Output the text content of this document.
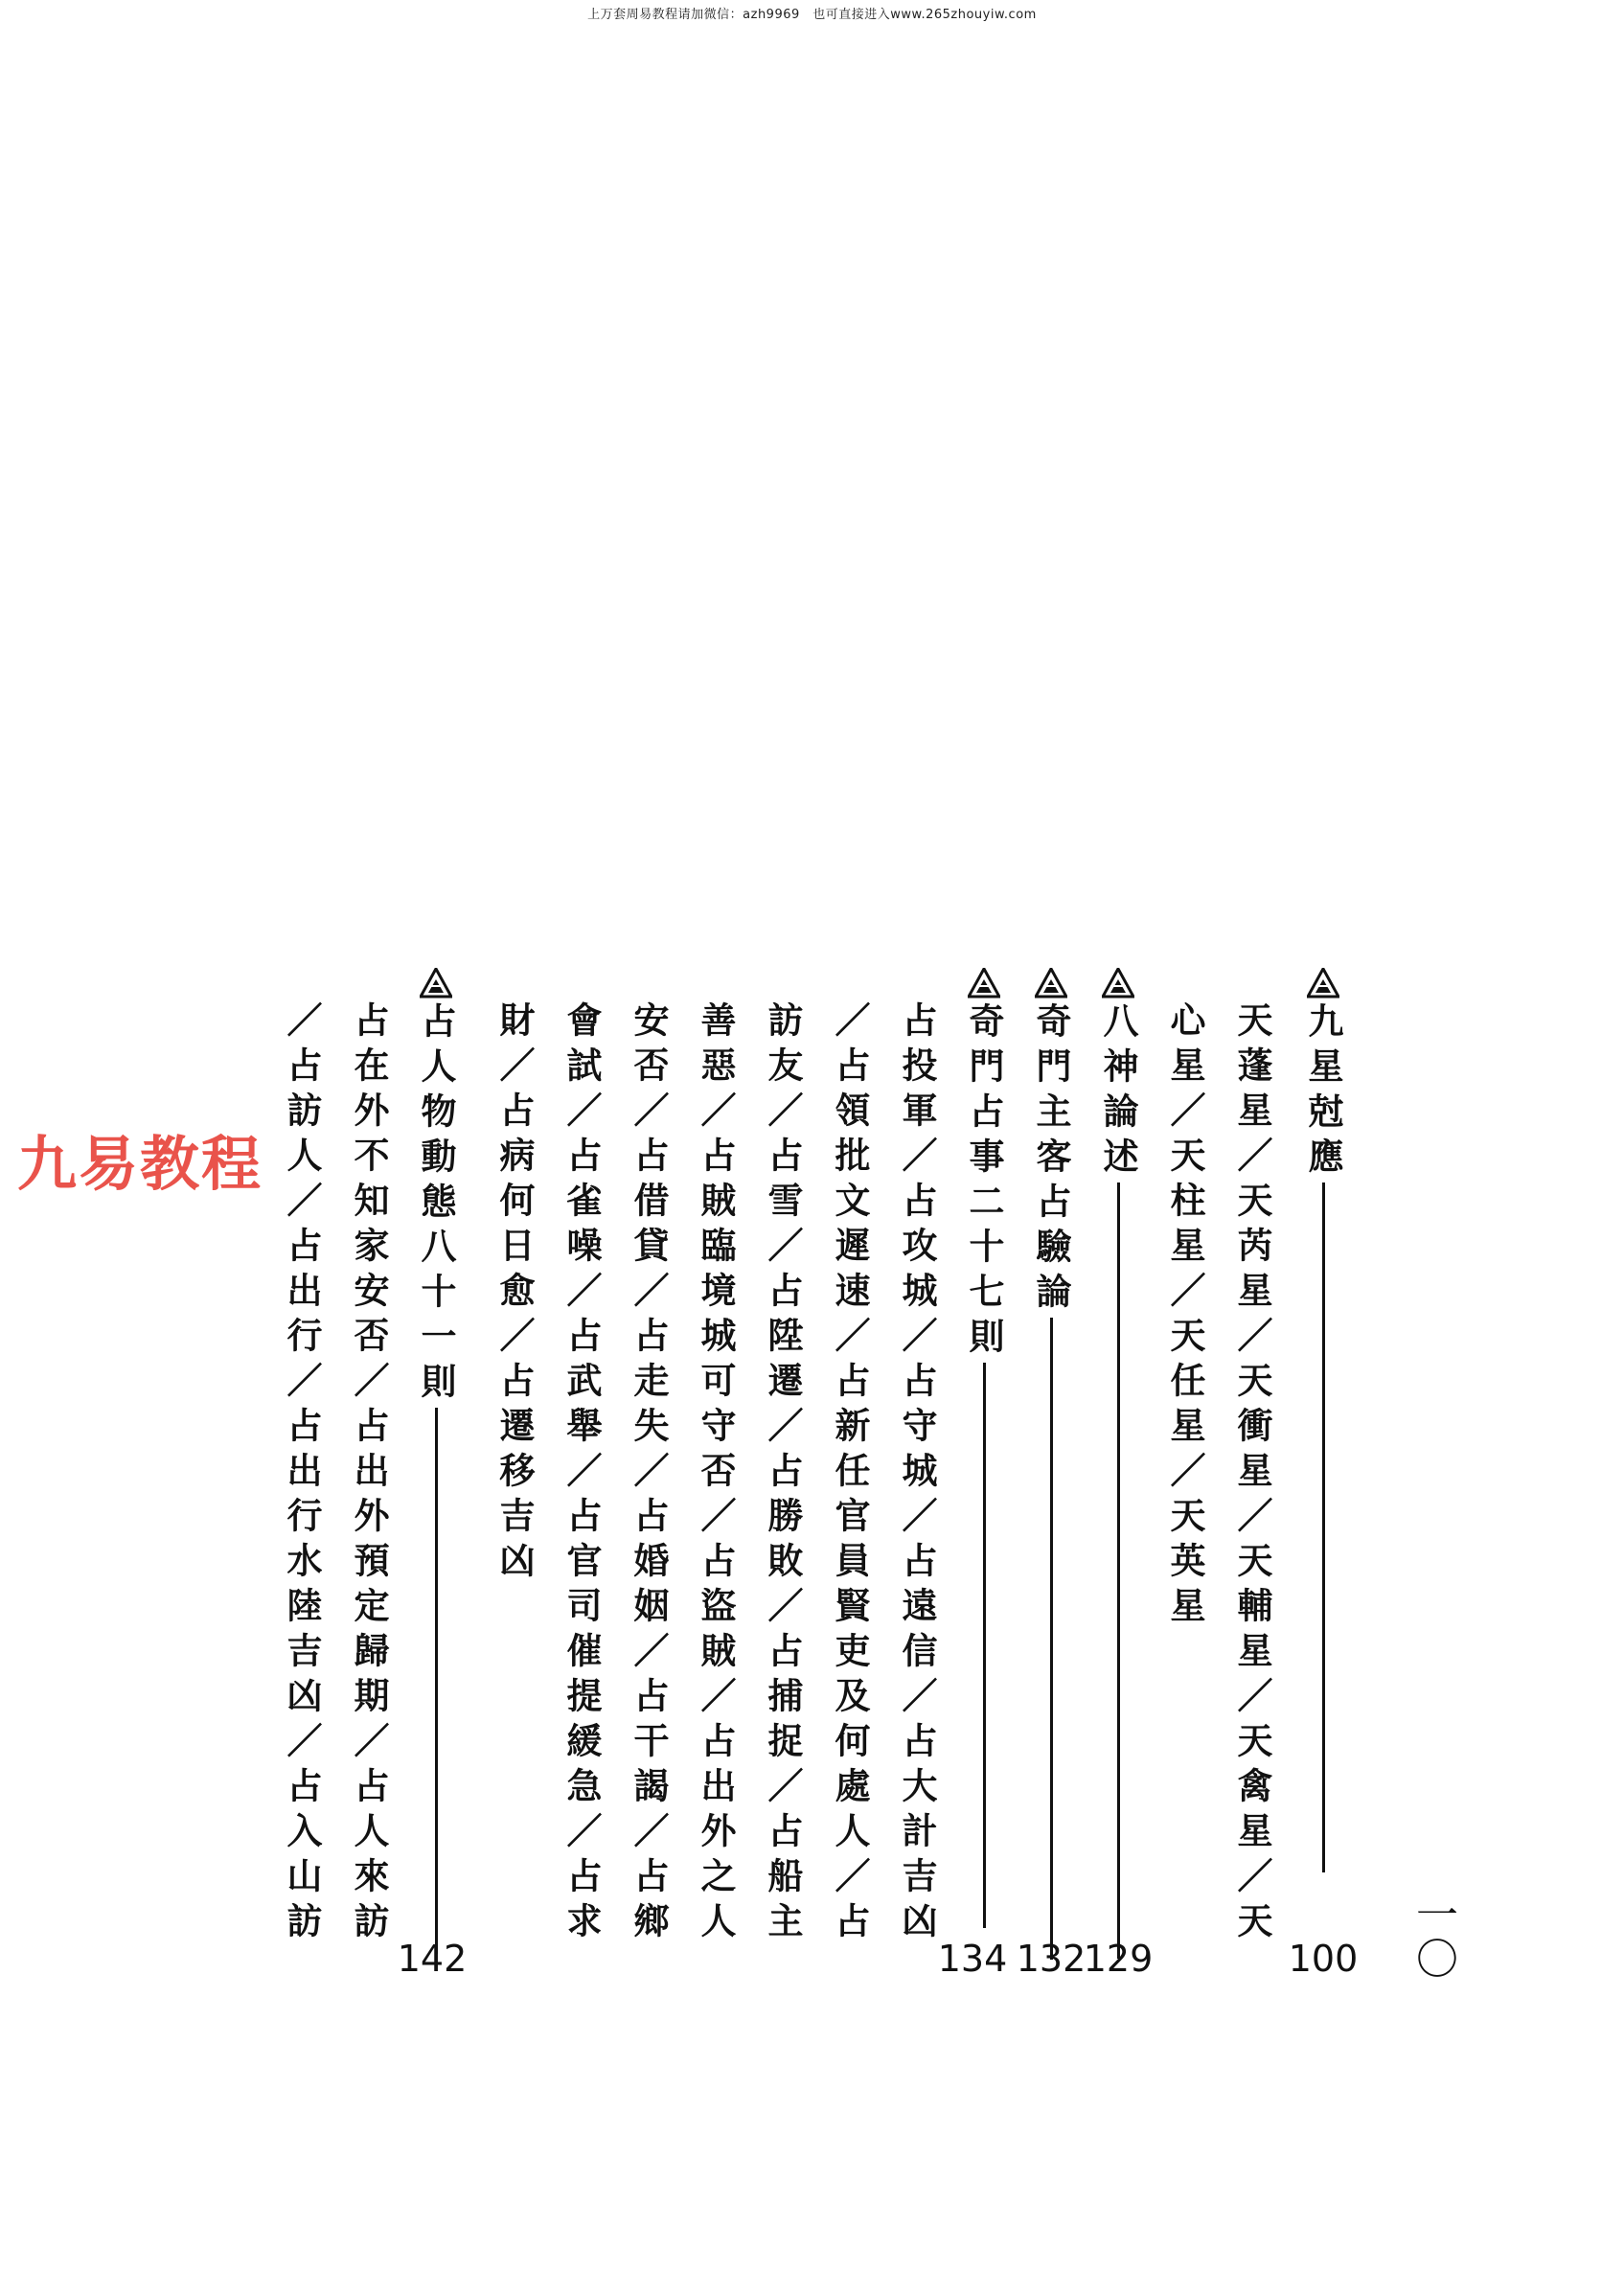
上万套周易教程请加微信：azh9969　也可直接进入www.265zhouyiw.com
九星尅應
天蓬星／天芮星／天衝星／天輔星／天禽星／天
心星／天柱星／天任星／天英星
100
八神論述
129
奇門主客占驗論
132
奇門占事二十七則
占投軍／占攻城／占守城／占遠信／占大計吉凶
／占領批文遲速／占新任官員賢吏及何處人／占
訪友／占雪／占陞遷／占勝敗／占捕捉／占船主
善惡／占賊臨境城可守否／占盜賊／占出外之人
安否／占借貸／占走失／占婚姻／占干謁／占鄉
會試／占雀噪／占武舉／占官司催提緩急／占求
財／占病何日愈／占遷移吉凶
134
占人物動態八十一則
占在外不知家安否／占出外預定歸期／占人來訪
／占訪人／占出行／占出行水陸吉凶／占入山訪
142	一〇
九易教程
